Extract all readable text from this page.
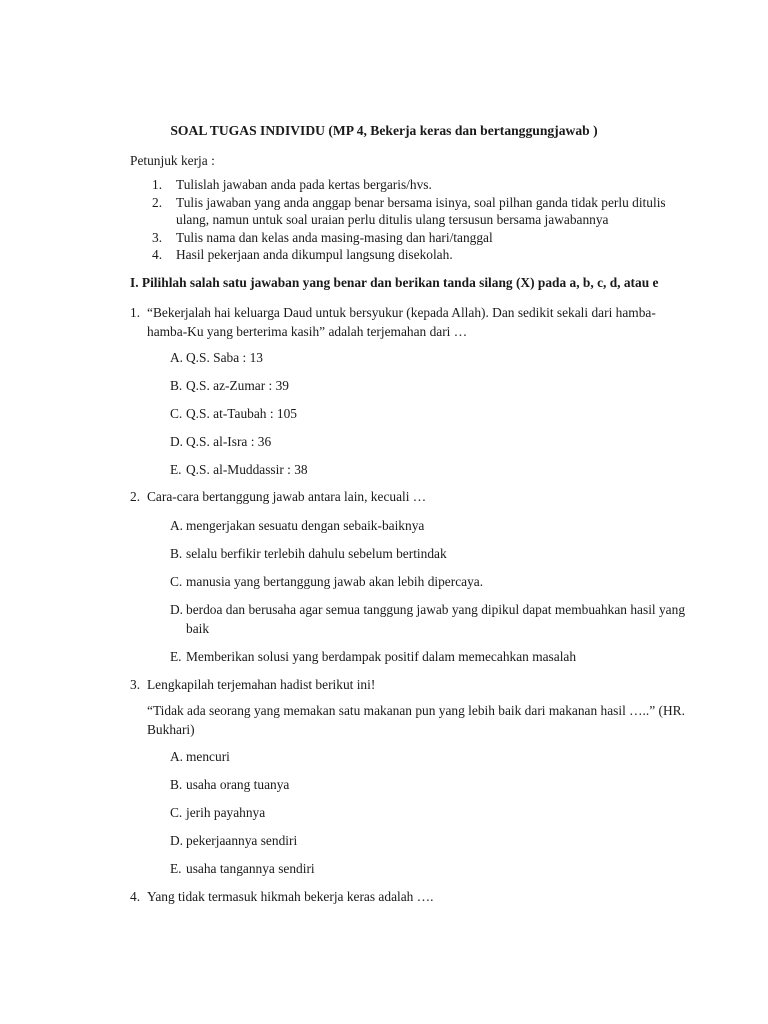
SOAL TUGAS INDIVIDU (MP 4, Bekerja keras dan bertanggungjawab )
Petunjuk kerja :
1. Tulislah jawaban anda pada kertas bergaris/hvs.
2. Tulis jawaban yang anda anggap benar bersama isinya, soal pilhan ganda tidak perlu ditulis ulang, namun untuk soal uraian perlu ditulis ulang tersusun bersama jawabannya
3. Tulis nama dan kelas anda masing-masing dan hari/tanggal
4. Hasil pekerjaan anda dikumpul langsung disekolah.
I. Pilihlah salah satu jawaban yang benar dan berikan tanda silang (X) pada a, b, c, d, atau e
1. “Bekerjalah hai keluarga Daud untuk bersyukur (kepada Allah). Dan sedikit sekali dari hamba-hamba-Ku yang berterima kasih” adalah terjemahan dari …
A. Q.S. Saba : 13
B. Q.S. az-Zumar : 39
C. Q.S. at-Taubah : 105
D. Q.S. al-Isra : 36
E. Q.S. al-Muddassir : 38
2. Cara-cara bertanggung jawab antara lain, kecuali …
A. mengerjakan sesuatu dengan sebaik-baiknya
B. selalu berfikir terlebih dahulu sebelum bertindak
C. manusia yang bertanggung jawab akan lebih dipercaya.
D. berdoa dan berusaha agar semua tanggung jawab yang dipikul dapat membuahkan hasil yang baik
E. Memberikan solusi yang berdampak positif dalam memecahkan masalah
3. Lengkapilah terjemahan hadist berikut ini!
“Tidak ada seorang yang memakan satu makanan pun yang lebih baik dari makanan hasil …..” (HR. Bukhari)
A. mencuri
B. usaha orang tuanya
C. jerih payahnya
D. pekerjaannya sendiri
E. usaha tangannya sendiri
4. Yang tidak termasuk hikmah bekerja keras adalah ….
